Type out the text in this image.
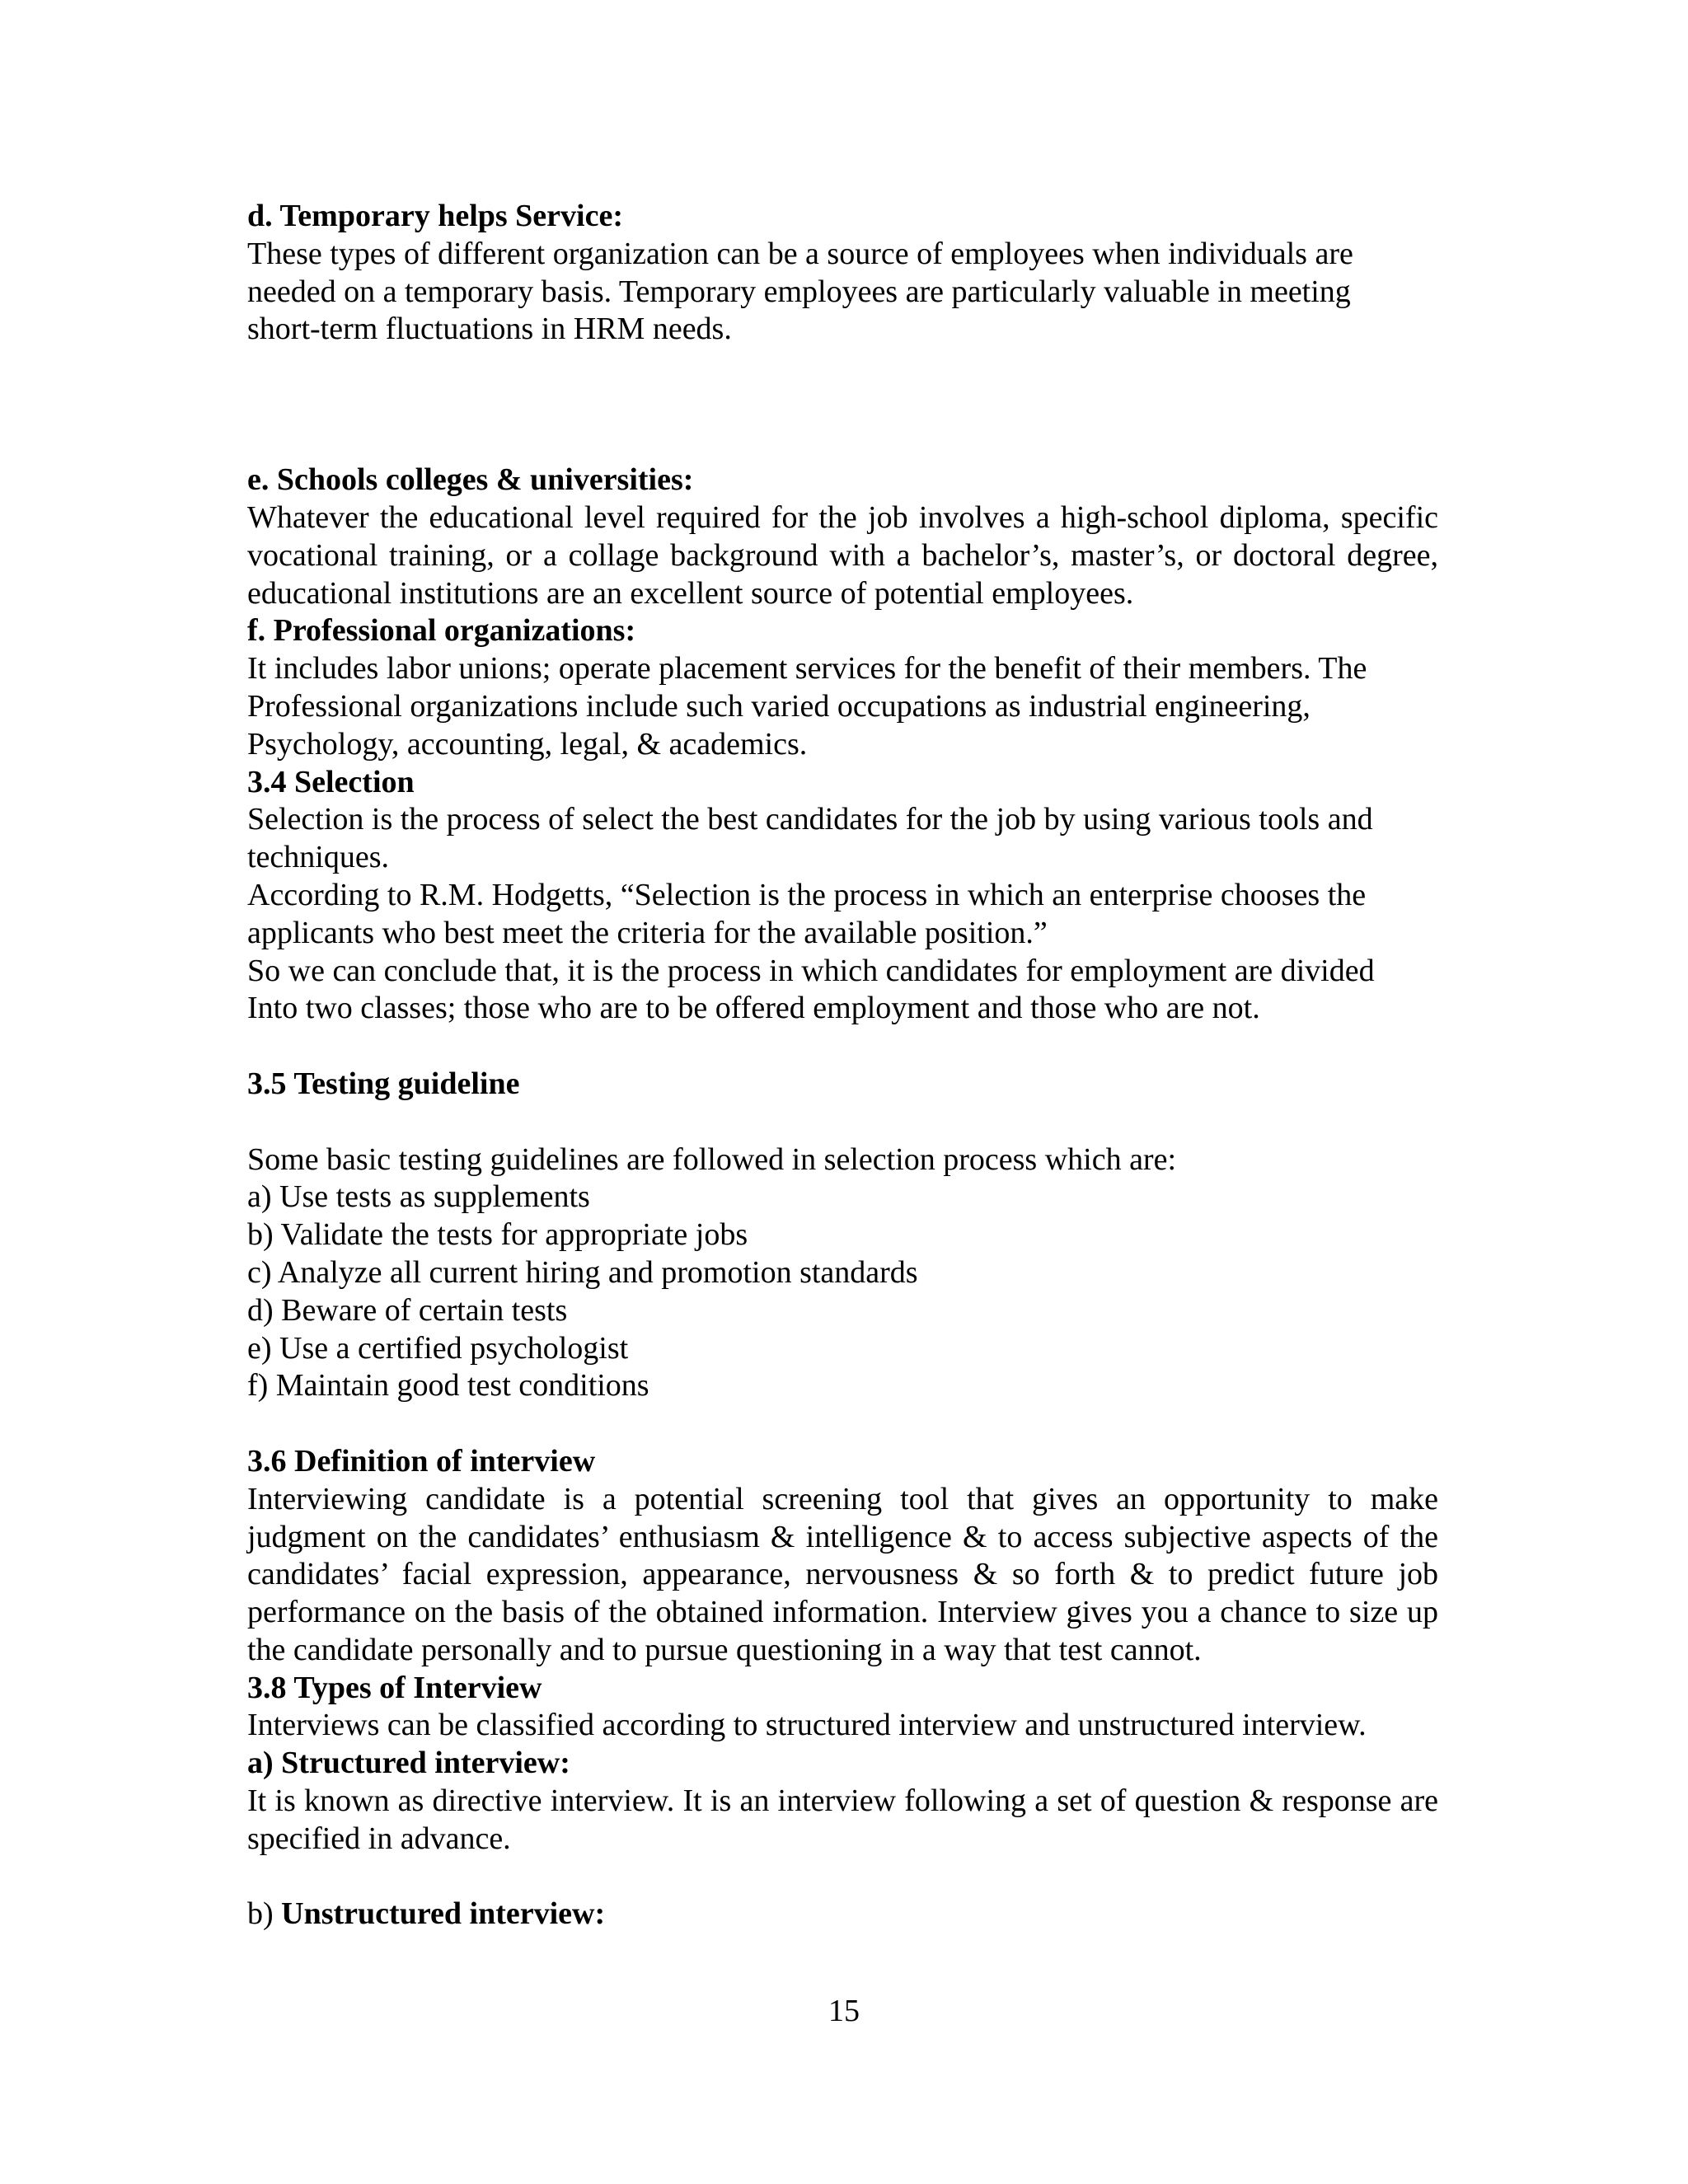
d. Temporary helps Service:

These types of different organization can be a source of employees when individuals are needed on a temporary basis. Temporary employees are particularly valuable in meeting short-term fluctuations in HRM needs.

e. Schools colleges & universities:

Whatever the educational level required for the job involves a high-school diploma, specific vocational training, or a collage background with a bachelor’s, master’s, or doctoral degree, educational institutions are an excellent source of potential employees.

f. Professional organizations:

It includes labor unions; operate placement services for the benefit of their members. The Professional organizations include such varied occupations as industrial engineering, Psychology, accounting, legal, & academics.

3.4 Selection

Selection is the process of select the best candidates for the job by using various tools and techniques.

According to R.M. Hodgetts, “Selection is the process in which an enterprise chooses the applicants who best meet the criteria for the available position.”

So we can conclude that, it is the process in which candidates for employment are divided

Into two classes; those who are to be offered employment and those who are not.

3.5 Testing guideline

Some basic testing guidelines are followed in selection process which are:

a) Use tests as supplements
b) Validate the tests for appropriate jobs
c) Analyze all current hiring and promotion standards
d) Beware of certain tests
e) Use a certified psychologist
f) Maintain good test conditions

3.6 Definition of interview

Interviewing candidate is a potential screening tool that gives an opportunity to make judgment on the candidates’ enthusiasm & intelligence & to access subjective aspects of the candidates’ facial expression, appearance, nervousness & so forth & to predict future job performance on the basis of the obtained information. Interview gives you a chance to size up the candidate personally and to pursue questioning in a way that test cannot.

3.8 Types of Interview

Interviews can be classified according to structured interview and unstructured interview.

a) Structured interview:

It is known as directive interview. It is an interview following a set of question & response are specified in advance.

b) Unstructured interview:

15
